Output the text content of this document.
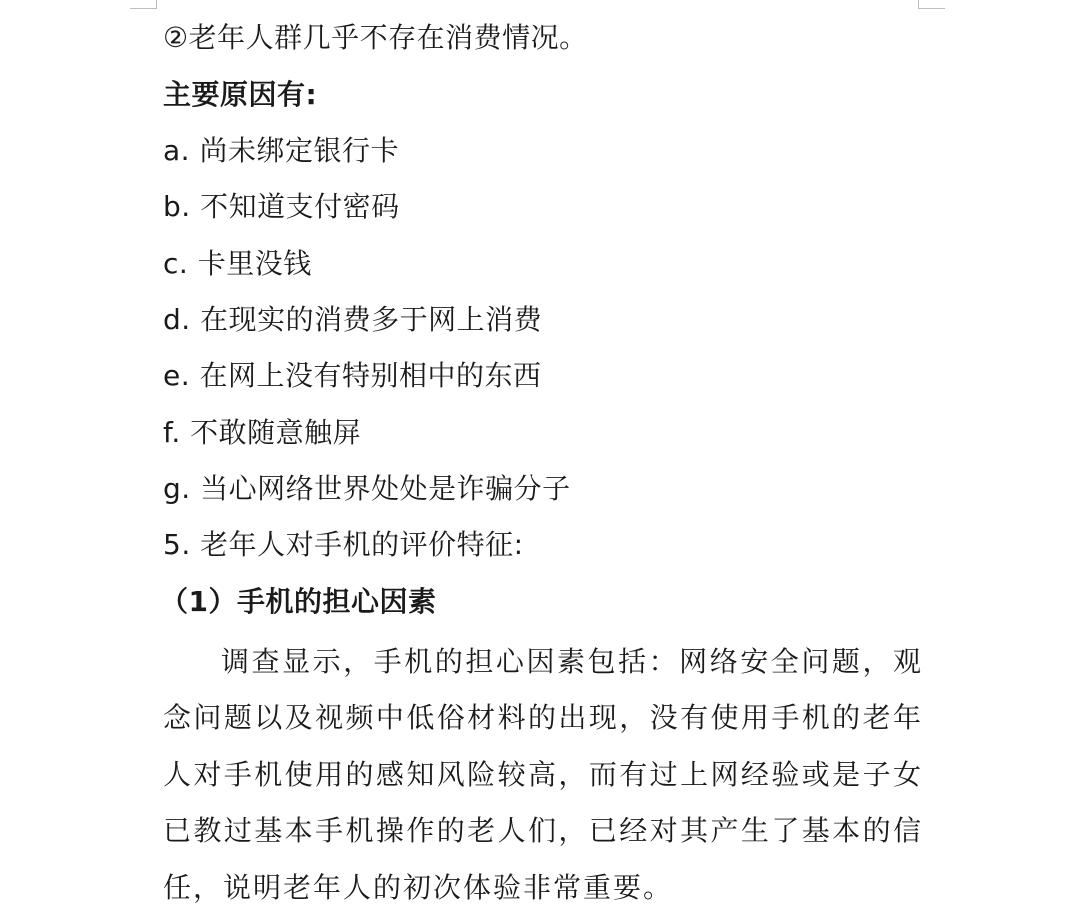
②老年人群几乎不存在消费情况。
主要原因有:
a. 尚未绑定银行卡
b. 不知道支付密码
c. 卡里没钱
d. 在现实的消费多于网上消费
e. 在网上没有特别相中的东西
f. 不敢随意触屏
g. 当心网络世界处处是诈骗分子
5. 老年人对手机的评价特征:
（1）手机的担心因素

调查显示，手机的担心因素包括：网络安全问题，观念问题以及视频中低俗材料的出现，没有使用手机的老年人对手机使用的感知风险较高，而有过上网经验或是子女已教过基本手机操作的老人们，已经对其产生了基本的信任，说明老年人的初次体验非常重要。
